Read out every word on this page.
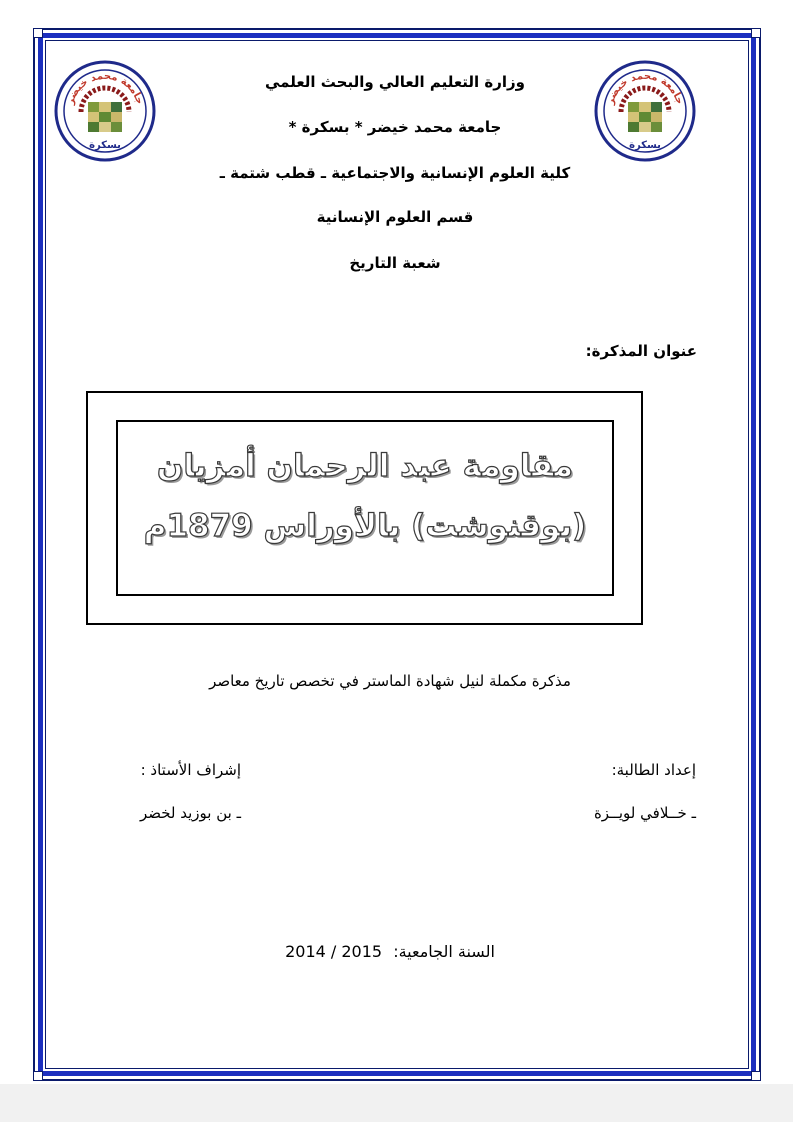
جامعة محمد خيضر
بسكرة
جامعة محمد خيضر
بسكرة
وزارة التعليم العالي والبحث العلمي
جامعة محمد خيضر * بسكرة *
كلية العلوم الإنسانية والاجتماعية ـ قطب شتمة ـ
قسم العلوم الإنسانية
شعبة التاريخ
عنوان المذكرة:
مقاومة عبد الرحمان أمزيان
(بوقنوشت) بالأوراس 1879م
مذكرة مكملة لنيل شهادة الماستر في تخصص تاريخ معاصر
إعداد الطالبة:
ـ خــلافي لويــزة
إشراف الأستاذ :
ـ بن بوزيد لخضر
السنة الجامعية: 2014 / 2015
